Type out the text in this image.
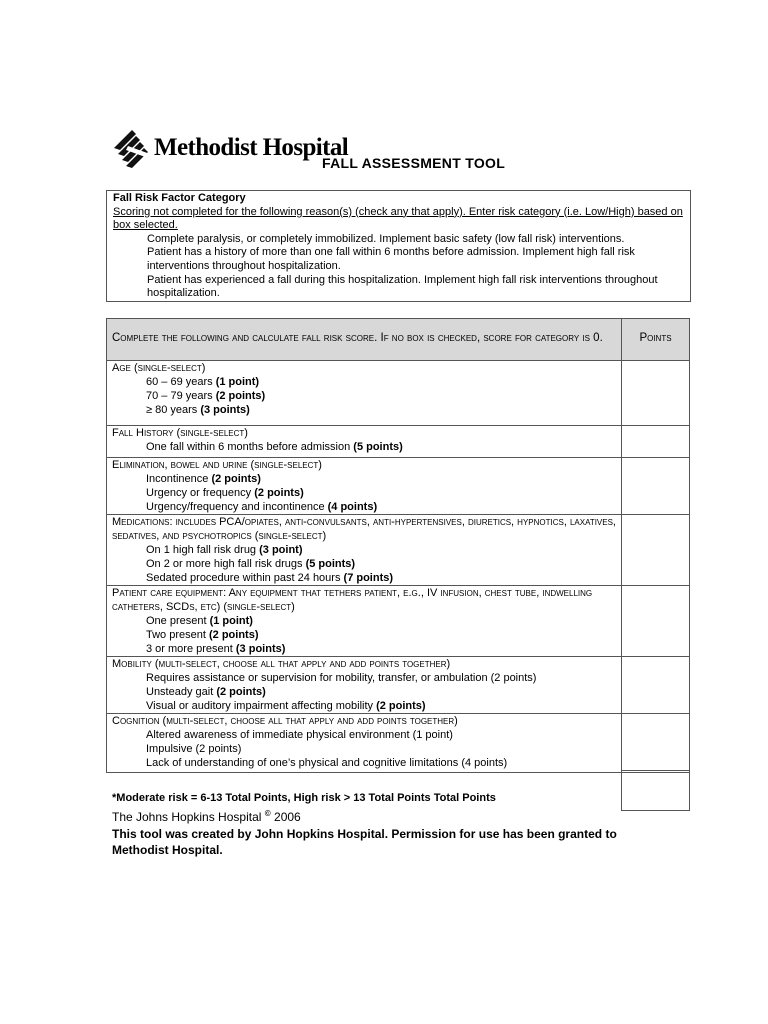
Methodist Hospital
FALL ASSESSMENT TOOL
Fall Risk Factor Category
Scoring not completed for the following reason(s) (check any that apply). Enter risk category (i.e. Low/High) based on box selected.
Complete paralysis, or completely immobilized. Implement basic safety (low fall risk) interventions.
Patient has a history of more than one fall within 6 months before admission. Implement high fall risk interventions throughout hospitalization.
Patient has experienced a fall during this hospitalization. Implement high fall risk interventions throughout hospitalization.
Complete the following and calculate fall risk score. If no box is checked, score for category is 0.	Points

Age (single-select)
60 – 69 years (1 point)
70 – 79 years (2 points)
≥ 80 years (3 points)	

Fall History (single-select)
One fall within 6 months before admission (5 points)	

Elimination, bowel and urine (single-select)
Incontinence (2 points)
Urgency or frequency (2 points)
Urgency/frequency and incontinence (4 points)	

Medications: includes PCA/opiates, anti-convulsants, anti-hypertensives, diuretics, hypnotics, laxatives, sedatives, and psychotropics (single-select)
On 1 high fall risk drug (3 point)
On 2 or more high fall risk drugs (5 points)
Sedated procedure within past 24 hours (7 points)	

Patient care equipment: Any equipment that tethers patient, e.g., IV infusion, chest tube, indwelling catheters, SCDs, etc) (single-select)
One present (1 point)
Two present (2 points)
3 or more present (3 points)	

Mobility (multi-select, choose all that apply and add points together)
Requires assistance or supervision for mobility, transfer, or ambulation (2 points)
Unsteady gait (2 points)
Visual or auditory impairment affecting mobility (2 points)	

Cognition (multi-select, choose all that apply and add points together)
Altered awareness of immediate physical environment (1 point)
Impulsive (2 points)
Lack of understanding of one’s physical and cognitive limitations (4 points)	

*Moderate risk = 6-13 Total Points, High risk > 13 Total Points Total Points
The Johns Hopkins Hospital © 2006
This tool was created by John Hopkins Hospital. Permission for use has been granted to Methodist Hospital.
